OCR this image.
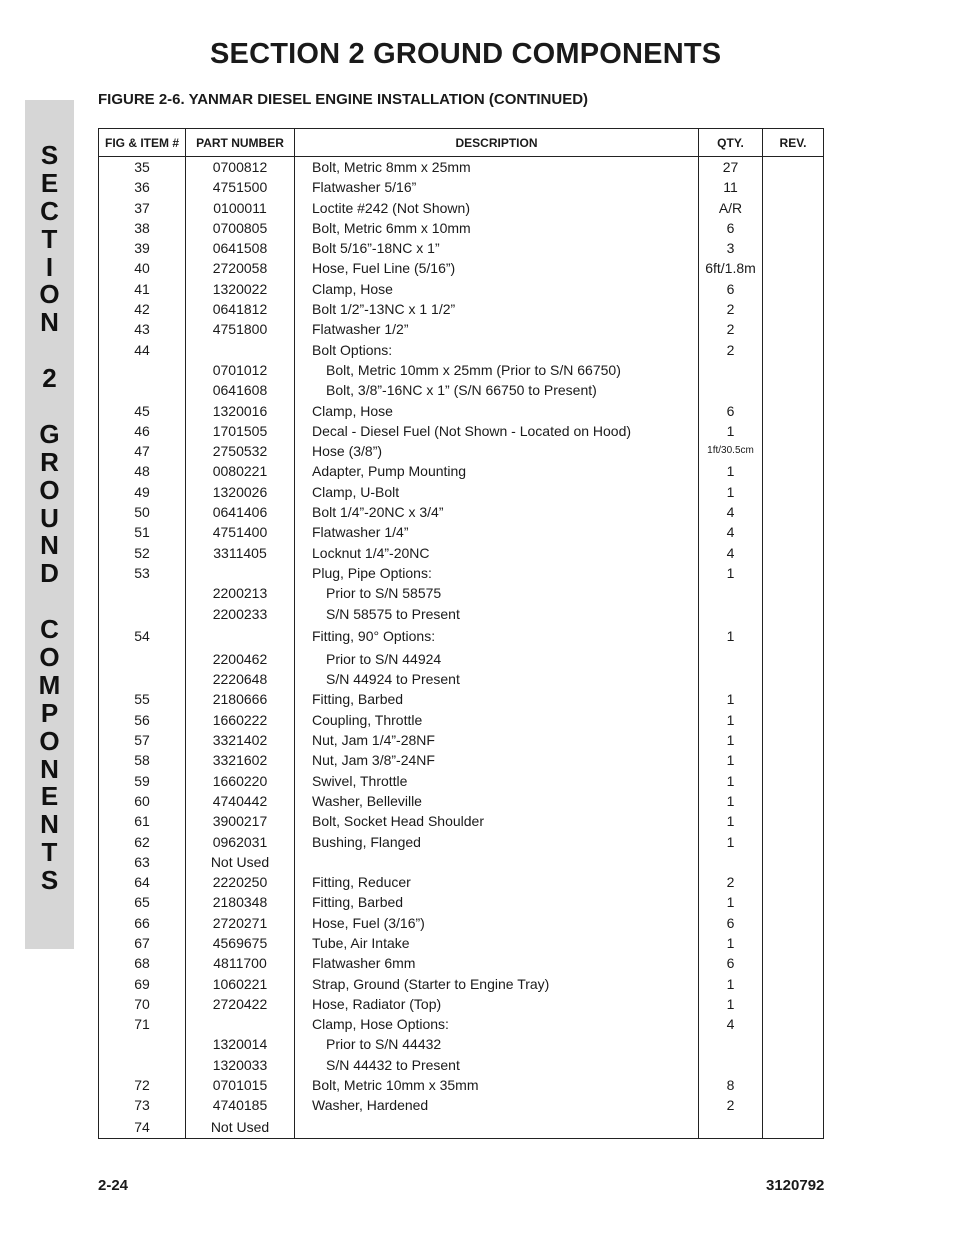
SECTION 2 GROUND COMPONENTS
FIGURE 2-6. YANMAR DIESEL ENGINE INSTALLATION (CONTINUED)
S
E
C
T
I
O
N
2
G
R
O
U
N
D
C
O
M
P
O
N
E
N
T
S
FIG & ITEM #	PART NUMBER	DESCRIPTION	QTY.	REV.
35	0700812	Bolt, Metric 8mm x 25mm	27	
36	4751500	Flatwasher 5/16”	11	
37	0100011	Loctite #242 (Not Shown)	A/R	
38	0700805	Bolt, Metric 6mm x 10mm	6	
39	0641508	Bolt 5/16”-18NC x 1”	3	
40	2720058	Hose, Fuel Line (5/16”)	6ft/1.8m	
41	1320022	Clamp, Hose	6	
42	0641812	Bolt 1/2”-13NC x 1 1/2”	2	
43	4751800	Flatwasher 1/2”	2	
44		Bolt Options:	2	
	0701012	Bolt, Metric 10mm x 25mm (Prior to S/N 66750)		
	0641608	Bolt, 3/8”-16NC x 1” (S/N 66750 to Present)		
45	1320016	Clamp, Hose	6	
46	1701505	Decal - Diesel Fuel (Not Shown - Located on Hood)	1	
47	2750532	Hose (3/8”)	1ft/30.5cm	
48	0080221	Adapter, Pump Mounting	1	
49	1320026	Clamp, U-Bolt	1	
50	0641406	Bolt 1/4”-20NC x 3/4”	4	
51	4751400	Flatwasher 1/4”	4	
52	3311405	Locknut 1/4”-20NC	4	
53		Plug, Pipe Options:	1	
	2200213	Prior to S/N 58575		
	2200233	S/N 58575 to Present		
54		Fitting, 90° Options:	1	
	2200462	Prior to S/N 44924		
	2220648	S/N 44924 to Present		
55	2180666	Fitting, Barbed	1	
56	1660222	Coupling, Throttle	1	
57	3321402	Nut, Jam 1/4”-28NF	1	
58	3321602	Nut, Jam 3/8”-24NF	1	
59	1660220	Swivel, Throttle	1	
60	4740442	Washer, Belleville	1	
61	3900217	Bolt, Socket Head Shoulder	1	
62	0962031	Bushing, Flanged	1	
63	Not Used			
64	2220250	Fitting, Reducer	2	
65	2180348	Fitting, Barbed	1	
66	2720271	Hose, Fuel (3/16”)	6	
67	4569675	Tube, Air Intake	1	
68	4811700	Flatwasher 6mm	6	
69	1060221	Strap, Ground (Starter to Engine Tray)	1	
70	2720422	Hose, Radiator (Top)	1	
71		Clamp, Hose Options:	4	
	1320014	Prior to S/N 44432		
	1320033	S/N 44432 to Present		
72	0701015	Bolt, Metric 10mm x 35mm	8	
73	4740185	Washer, Hardened	2	
74	Not Used			
2-24	3120792
